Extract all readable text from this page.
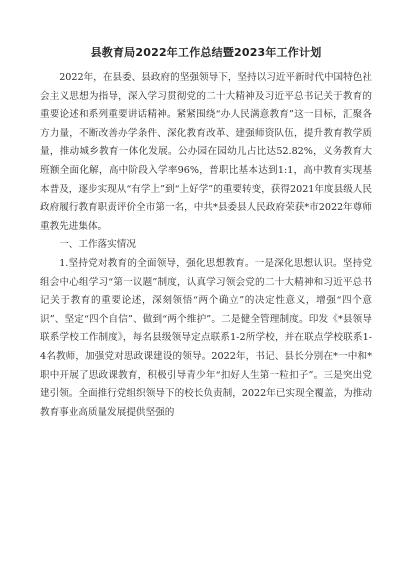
县教育局2022年工作总结暨2023年工作计划

2022年，在县委、县政府的坚强领导下，坚持以习近平新时代中国特色社会主义思想为指导，深入学习贯彻党的二十大精神及习近平总书记关于教育的重要论述和系列重要讲话精神。紧紧围绕“办人民满意教育”这一目标，汇聚各方力量，不断改善办学条件、深化教育改革、建强师资队伍，提升教育教学质量，推动城乡教育一体化发展。公办园在园幼儿占比达52.82%，义务教育大班额全面化解，高中阶段入学率96%，普职比基本达到1:1，高中教育实现基本普及，逐步实现从“有学上”到“上好学”的重要转变，获得2021年度县级人民政府履行教育职责评价全市第一名，中共*县委县人民政府荣获*市2022年尊师重教先进集体。

一、工作落实情况

1.坚持党对教育的全面领导，强化思想教育。一是深化思想认识。坚持党组会中心组学习“第一议题”制度，认真学习领会党的二十大精神和习近平总书记关于教育的重要论述，深刻领悟“两个确立”的决定性意义，增强“四个意识”、坚定“四个自信”、做到“两个维护”。二是健全管理制度。印发《*县领导联系学校工作制度》，每名县级领导定点联系1-2所学校，并在联点学校联系1-4名教师，加强党对思政课建设的领导。2022年，书记、县长分别在*一中和*职中开展了思政课教育，积极引导青少年“扣好人生第一粒扣子”。三是突出党建引领。全面推行党组织领导下的校长负责制，2022年已实现全覆盖，为推动教育事业高质量发展提供坚强的
